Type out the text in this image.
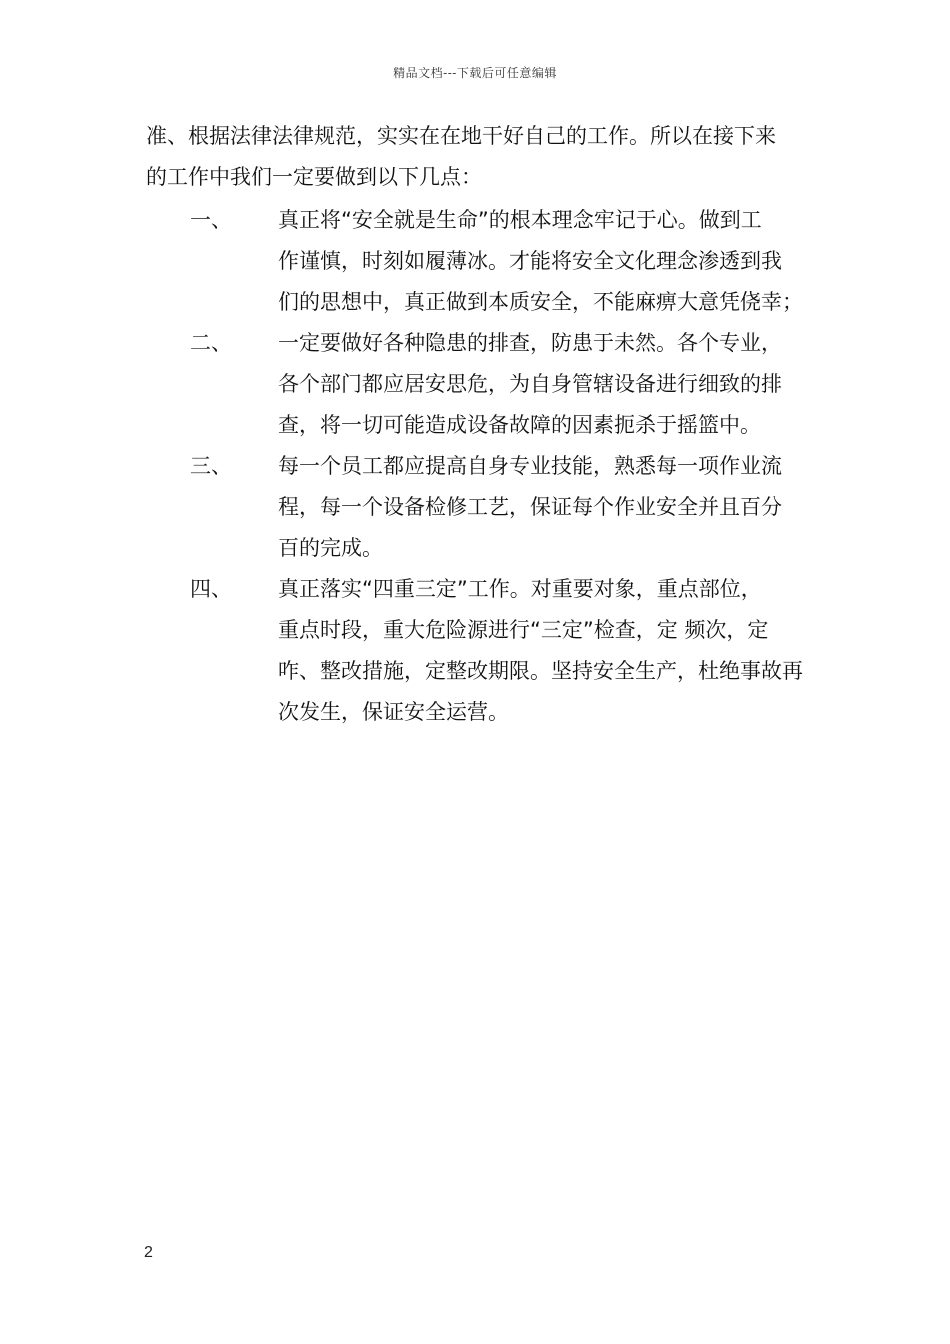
精品文档---下载后可任意编辑
准、根据法律法律规范，实实在在地干好自己的工作。所以在接下来
的工作中我们一定要做到以下几点：
一、 真正将“安全就是生命”的根本理念牢记于心。做到工
作谨慎，时刻如履薄冰。才能将安全文化理念渗透到我
们的思想中，真正做到本质安全，不能麻痹大意凭侥幸；
二、 一定要做好各种隐患的排查，防患于未然。各个专业，
各个部门都应居安思危，为自身管辖设备进行细致的排
查，将一切可能造成设备故障的因素扼杀于摇篮中。
三、 每一个员工都应提高自身专业技能，熟悉每一项作业流
程，每一个设备检修工艺，保证每个作业安全并且百分
百的完成。
四、 真正落实“四重三定”工作。对重要对象，重点部位，
重点时段，重大危险源进行“三定”检查，定 频次，定
咋、整改措施，定整改期限。坚持安全生产，杜绝事故再
次发生，保证安全运营。
2
